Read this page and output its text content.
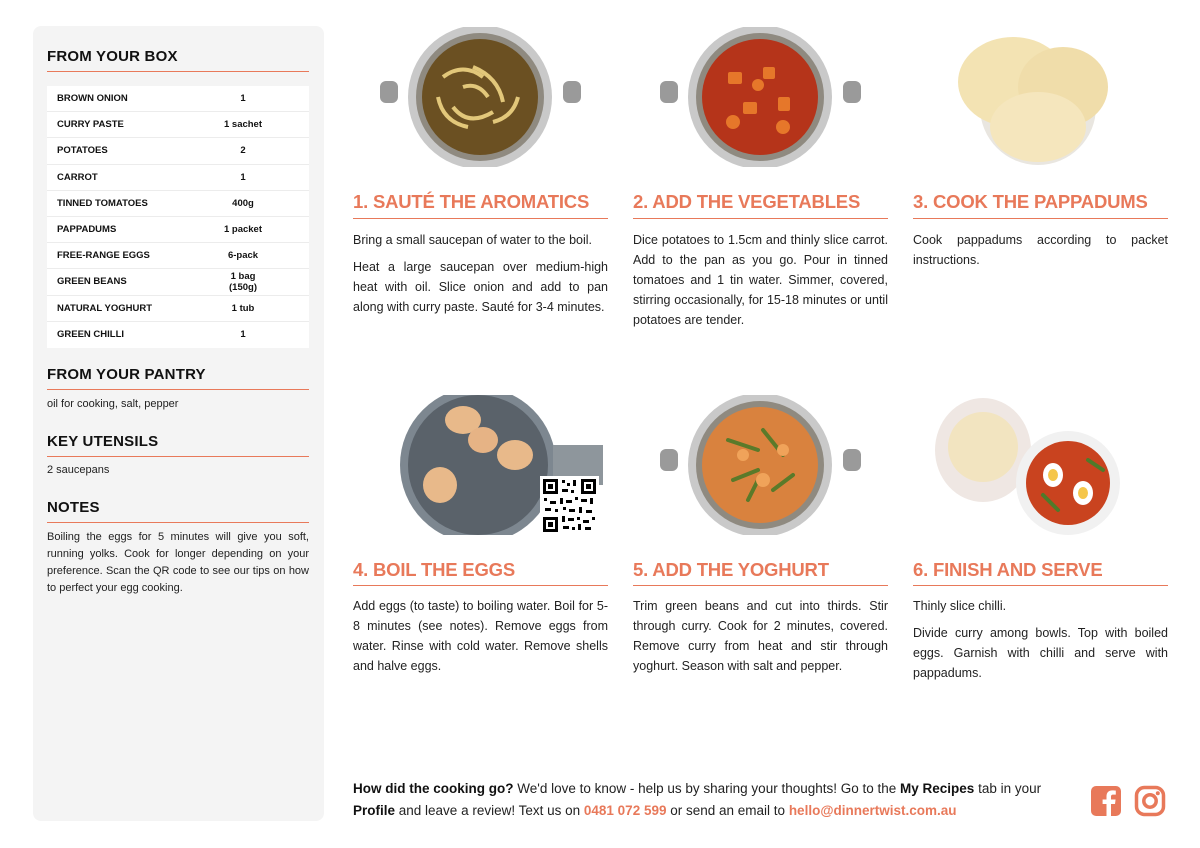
FROM YOUR BOX
BROWN ONION	1
CURRY PASTE	1 sachet
POTATOES	2
CARROT	1
TINNED TOMATOES	400g
PAPPADUMS	1 packet
FREE-RANGE EGGS	6-pack
GREEN BEANS	1 bag (150g)
NATURAL YOGHURT	1 tub
GREEN CHILLI	1
FROM YOUR PANTRY
oil for cooking, salt, pepper
KEY UTENSILS
2 saucepans
NOTES
Boiling the eggs for 5 minutes will give you soft, running yolks. Cook for longer depending on your preference. Scan the QR code to see our tips on how to perfect your egg cooking.
1. SAUTÉ THE AROMATICS

Bring a small saucepan of water to the boil.

Heat a large saucepan over medium-high heat with oil. Slice onion and add to pan along with curry paste. Sauté for 3-4 minutes.

2. ADD THE VEGETABLES

Dice potatoes to 1.5cm and thinly slice carrot. Add to the pan as you go. Pour in tinned tomatoes and 1 tin water. Simmer, covered, stirring occasionally, for 15-18 minutes or until potatoes are tender.

3. COOK THE PAPPADUMS

Cook pappadums according to packet instructions.

4. BOIL THE EGGS

Add eggs (to taste) to boiling water. Boil for 5-8 minutes (see notes). Remove eggs from water. Rinse with cold water. Remove shells and halve eggs.

5. ADD THE YOGHURT

Trim green beans and cut into thirds. Stir through curry. Cook for 2 minutes, covered. Remove curry from heat and stir through yoghurt. Season with salt and pepper.

6. FINISH AND SERVE

Thinly slice chilli.

Divide curry among bowls. Top with boiled eggs. Garnish with chilli and serve with pappadums.

How did the cooking go? We'd love to know - help us by sharing your thoughts! Go to the My Recipes tab in your Profile and leave a review! Text us on 0481 072 599 or send an email to hello@dinnertwist.com.au
